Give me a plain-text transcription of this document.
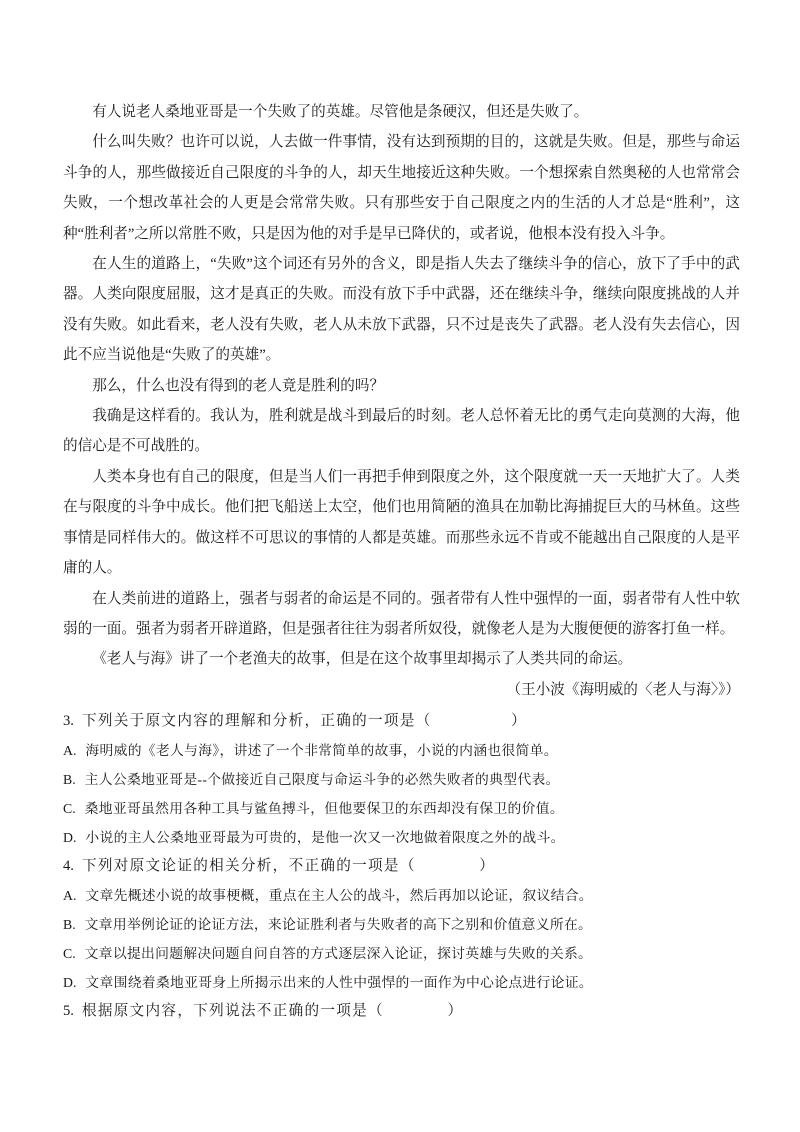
有人说老人桑地亚哥是一个失败了的英雄。尽管他是条硬汉，但还是失败了。

什么叫失败？也许可以说，人去做一件事情，没有达到预期的目的，这就是失败。但是，那些与命运斗争的人，那些做接近自己限度的斗争的人，却天生地接近这种失败。一个想探索自然奥秘的人也常常会失败，一个想改革社会的人更是会常常失败。只有那些安于自己限度之内的生活的人才总是“胜利”，这种“胜利者”之所以常胜不败，只是因为他的对手是早已降伏的，或者说，他根本没有投入斗争。

在人生的道路上，“失败”这个词还有另外的含义，即是指人失去了继续斗争的信心，放下了手中的武器。人类向限度屈服，这才是真正的失败。而没有放下手中武器，还在继续斗争，继续向限度挑战的人并没有失败。如此看来，老人没有失败，老人从未放下武器，只不过是丧失了武器。老人没有失去信心，因此不应当说他是“失败了的英雄”。

那么，什么也没有得到的老人竟是胜利的吗？

我确是这样看的。我认为，胜利就是战斗到最后的时刻。老人总怀着无比的勇气走向莫测的大海，他的信心是不可战胜的。

人类本身也有自己的限度，但是当人们一再把手伸到限度之外，这个限度就一天一天地扩大了。人类在与限度的斗争中成长。他们把飞船送上太空，他们也用简陋的渔具在加勒比海捕捉巨大的马林鱼。这些事情是同样伟大的。做这样不可思议的事情的人都是英雄。而那些永远不肯或不能越出自己限度的人是平庸的人。

在人类前进的道路上，强者与弱者的命运是不同的。强者带有人性中强悍的一面，弱者带有人性中软弱的一面。强者为弱者开辟道路，但是强者往往为弱者所奴役，就像老人是为大腹便便的游客打鱼一样。

《老人与海》讲了一个老渔夫的故事，但是在这个故事里却揭示了人类共同的命运。

（王小波《海明威的〈老人与海〉》）

3. 下列关于原文内容的理解和分析，正确的一项是（　　　　　）
A. 海明威的《老人与海》，讲述了一个非常简单的故事，小说的内涵也很简单。
B. 主人公桑地亚哥是--个做接近自己限度与命运斗争的必然失败者的典型代表。
C. 桑地亚哥虽然用各种工具与鲨鱼搏斗，但他要保卫的东西却没有保卫的价值。
D. 小说的主人公桑地亚哥最为可贵的，是他一次又一次地做着限度之外的战斗。
4. 下列对原文论证的相关分析，不正确的一项是（　　　　）
A. 文章先概述小说的故事梗概，重点在主人公的战斗，然后再加以论证，叙议结合。
B. 文章用举例论证的论证方法，来论证胜利者与失败者的高下之别和价值意义所在。
C. 文章以提出问题解决问题自问自答的方式逐层深入论证，探讨英雄与失败的关系。
D. 文章围绕着桑地亚哥身上所揭示出来的人性中强悍的一面作为中心论点进行论证。
5. 根据原文内容，下列说法不正确的一项是（　　　　）
